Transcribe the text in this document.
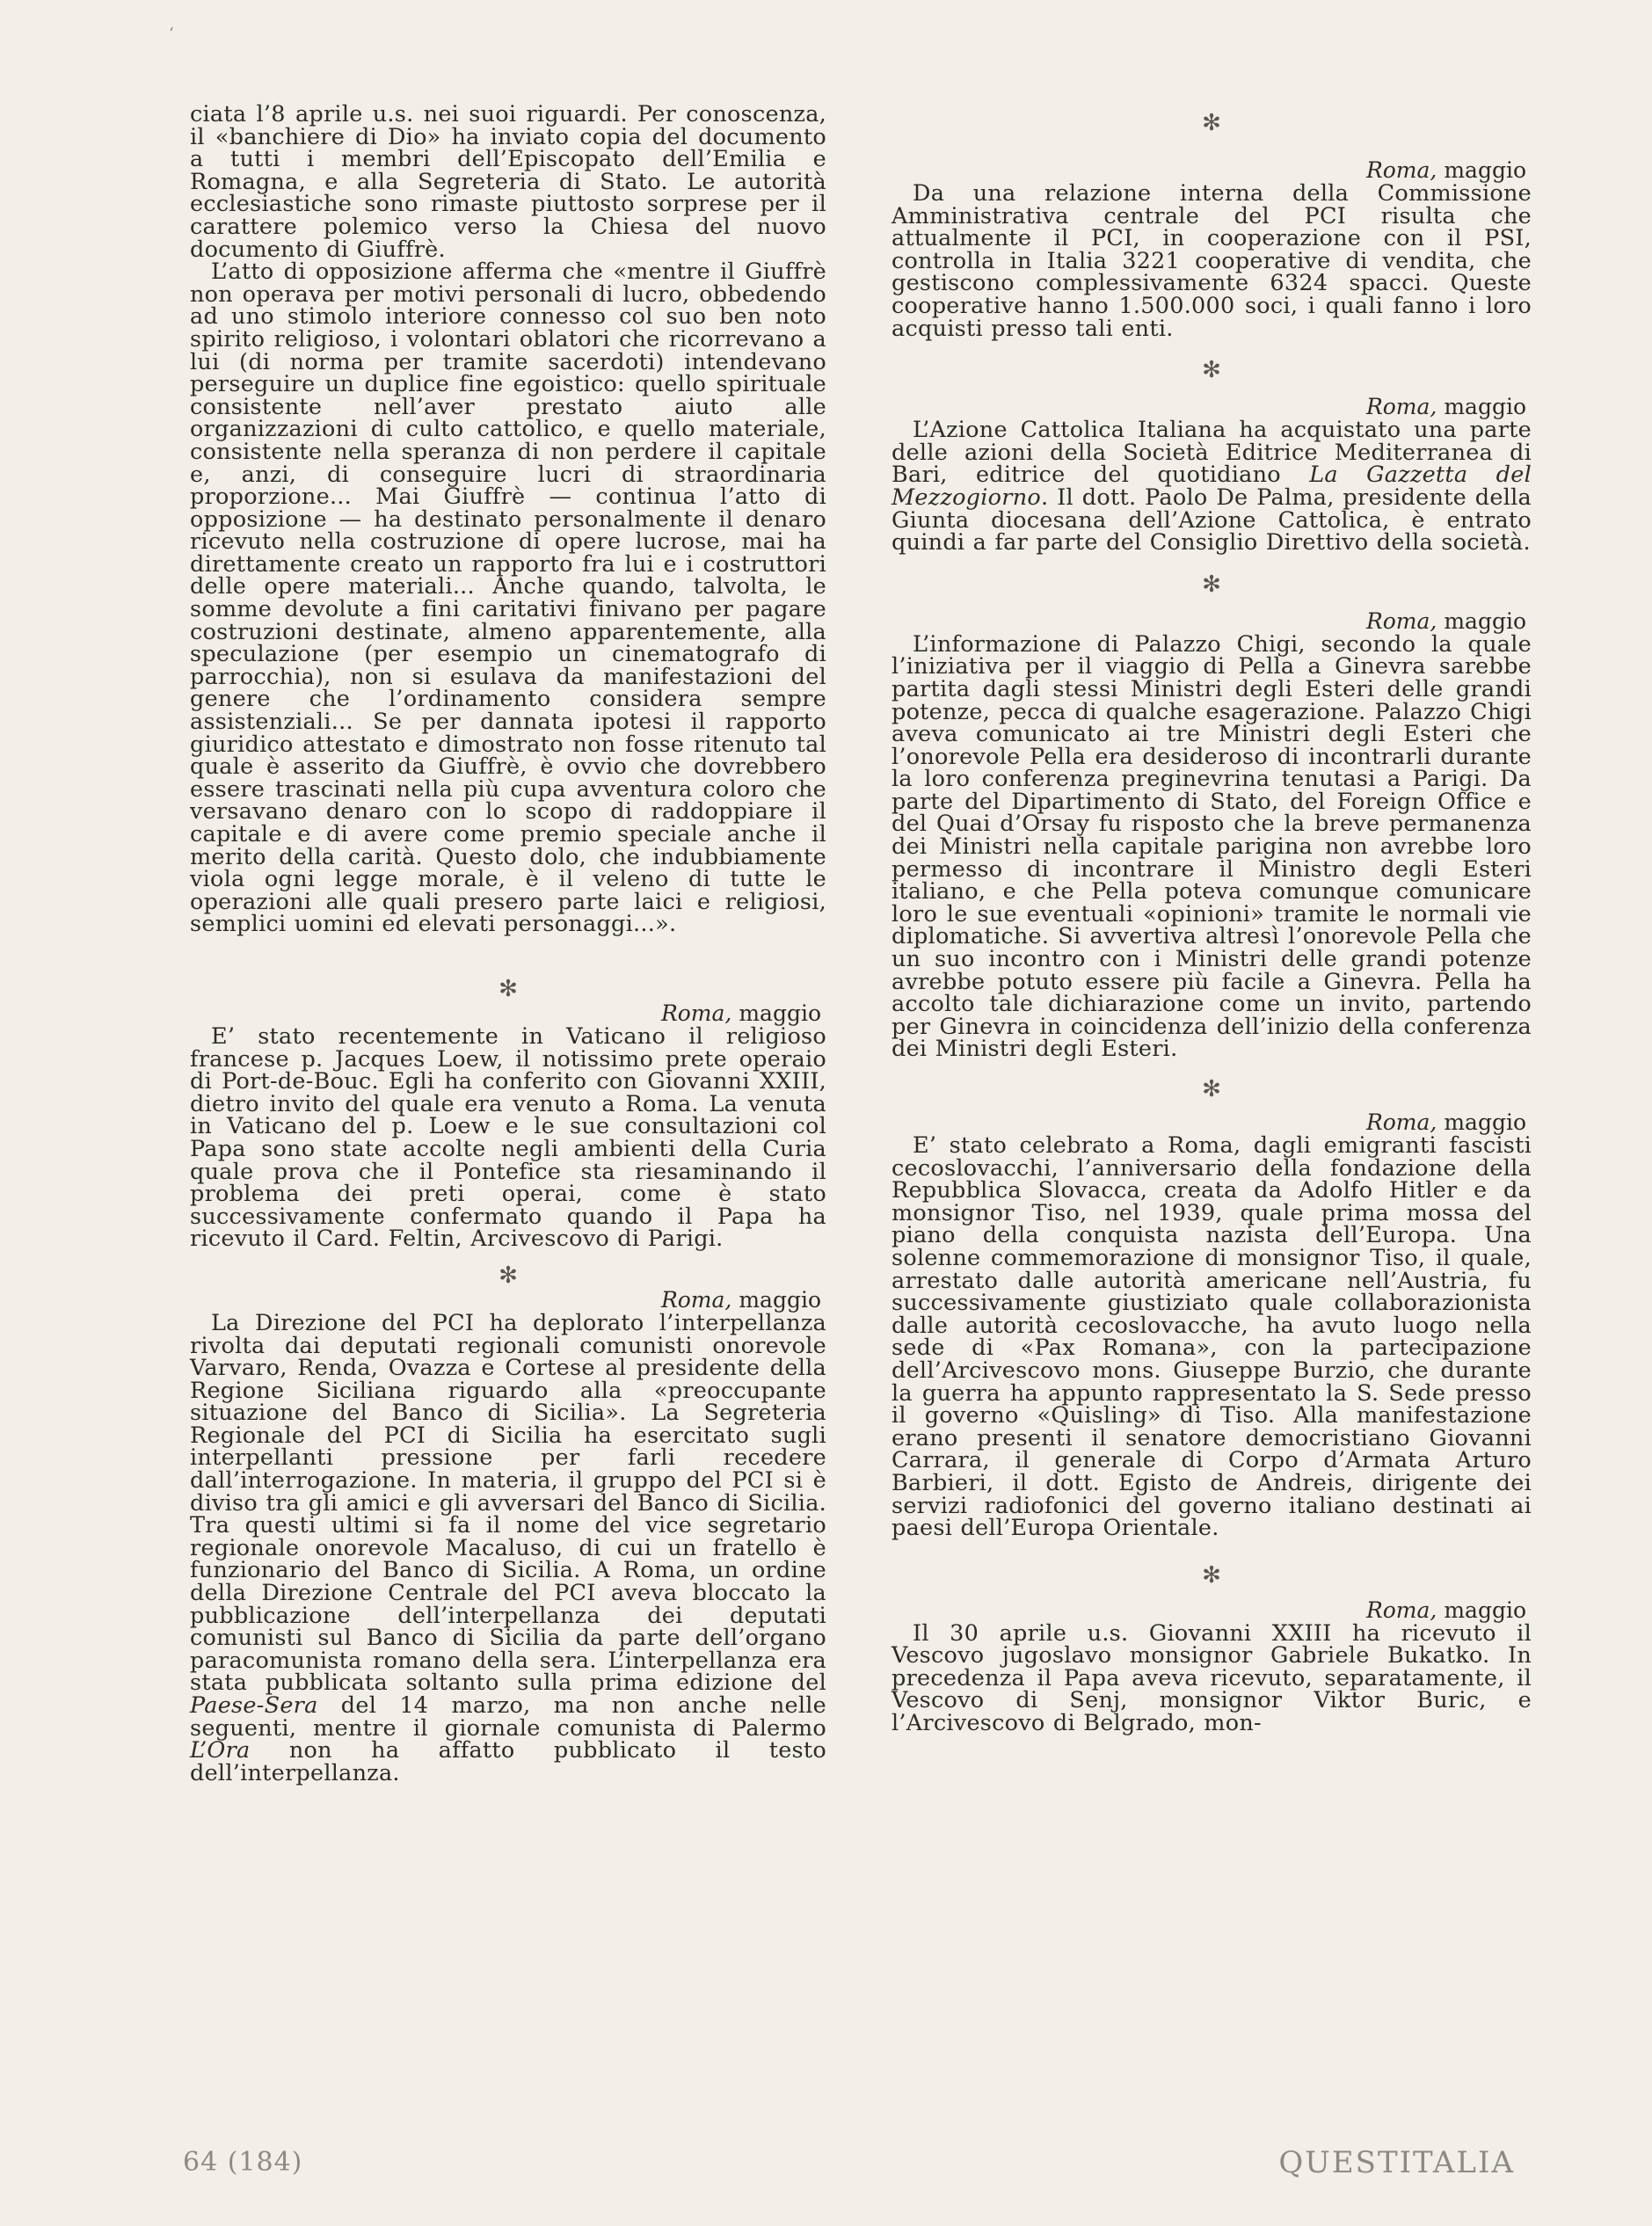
‘

ciata l’8 aprile u.s. nei suoi riguardi. Per conoscenza, il «banchiere di Dio» ha inviato copia del documento a tutti i membri dell’Episcopato dell’Emilia e Romagna, e alla Segreteria di Stato. Le autorità ecclesiastiche sono rimaste piuttosto sorprese per il carattere polemico verso la Chiesa del nuovo documento di Giuffrè.

L’atto di opposizione afferma che «mentre il Giuffrè non operava per motivi personali di lucro, obbedendo ad uno stimolo interiore connesso col suo ben noto spirito religioso, i volontari oblatori che ricorrevano a lui (di norma per tramite sacerdoti) intendevano perseguire un duplice fine egoistico: quello spirituale consistente nell’aver prestato aiuto alle organizzazioni di culto cattolico, e quello materiale, consistente nella speranza di non perdere il capitale e, anzi, di conseguire lucri di straordinaria proporzione... Mai Giuffrè — continua l’atto di opposizione — ha destinato personalmente il denaro ricevuto nella costruzione di opere lucrose, mai ha direttamente creato un rapporto fra lui e i costruttori delle opere materiali... Anche quando, talvolta, le somme devolute a fini caritativi finivano per pagare costruzioni destinate, almeno apparentemente, alla speculazione (per esempio un cinematografo di parrocchia), non si esulava da manifestazioni del genere che l’ordinamento considera sempre assistenziali... Se per dannata ipotesi il rapporto giuridico attestato e dimostrato non fosse ritenuto tal quale è asserito da Giuffrè, è ovvio che dovrebbero essere trascinati nella più cupa avventura coloro che versavano denaro con lo scopo di raddoppiare il capitale e di avere come premio speciale anche il merito della carità. Questo dolo, che indubbiamente viola ogni legge morale, è il veleno di tutte le operazioni alle quali presero parte laici e religiosi, semplici uomini ed elevati personaggi...».

✻
Roma, maggio

E’ stato recentemente in Vaticano il religioso francese p. Jacques Loew, il notissimo prete operaio di Port-de-Bouc. Egli ha conferito con Giovanni XXIII, dietro invito del quale era venuto a Roma. La venuta in Vaticano del p. Loew e le sue consultazioni col Papa sono state accolte negli ambienti della Curia quale prova che il Pontefice sta riesaminando il problema dei preti operai, come è stato successivamente confermato quando il Papa ha ricevuto il Card. Feltin, Arcivescovo di Parigi.

✻
Roma, maggio

La Direzione del PCI ha deplorato l’interpellanza rivolta dai deputati regionali comunisti onorevole Varvaro, Renda, Ovazza e Cortese al presidente della Regione Siciliana riguardo alla «preoccupante situazione del Banco di Sicilia». La Segreteria Regionale del PCI di Sicilia ha esercitato sugli interpellanti pressione per farli recedere dall’interrogazione. In materia, il gruppo del PCI si è diviso tra gli amici e gli avversari del Banco di Sicilia. Tra questi ultimi si fa il nome del vice segretario regionale onorevole Macaluso, di cui un fratello è funzionario del Banco di Sicilia. A Roma, un ordine della Direzione Centrale del PCI aveva bloccato la pubblicazione dell’interpellanza dei deputati comunisti sul Banco di Sicilia da parte dell’organo paracomunista romano della sera. L’interpellanza era stata pubblicata soltanto sulla prima edizione del Paese-Sera del 14 marzo, ma non anche nelle seguenti, mentre il giornale comunista di Palermo L’Ora non ha affatto pubblicato il testo dell’interpellanza.

✻
Roma, maggio

Da una relazione interna della Commissione Amministrativa centrale del PCI risulta che attualmente il PCI, in cooperazione con il PSI, controlla in Italia 3221 cooperative di vendita, che gestiscono complessivamente 6324 spacci. Queste cooperative hanno 1.500.000 soci, i quali fanno i loro acquisti presso tali enti.

✻
Roma, maggio

L’Azione Cattolica Italiana ha acquistato una parte delle azioni della Società Editrice Mediterranea di Bari, editrice del quotidiano La Gazzetta del Mezzogiorno. Il dott. Paolo De Palma, presidente della Giunta diocesana dell’Azione Cattolica, è entrato quindi a far parte del Consiglio Direttivo della società.

✻
Roma, maggio

L’informazione di Palazzo Chigi, secondo la quale l’iniziativa per il viaggio di Pella a Ginevra sarebbe partita dagli stessi Ministri degli Esteri delle grandi potenze, pecca di qualche esagerazione. Palazzo Chigi aveva comunicato ai tre Ministri degli Esteri che l’onorevole Pella era desideroso di incontrarli durante la loro conferenza preginevrina tenutasi a Parigi. Da parte del Dipartimento di Stato, del Foreign Office e del Quai d’Orsay fu risposto che la breve permanenza dei Ministri nella capitale parigina non avrebbe loro permesso di incontrare il Ministro degli Esteri italiano, e che Pella poteva comunque comunicare loro le sue eventuali «opinioni» tramite le normali vie diplomatiche. Si avvertiva altresì l’onorevole Pella che un suo incontro con i Ministri delle grandi potenze avrebbe potuto essere più facile a Ginevra. Pella ha accolto tale dichiarazione come un invito, partendo per Ginevra in coincidenza dell’inizio della conferenza dei Ministri degli Esteri.

✻
Roma, maggio

E’ stato celebrato a Roma, dagli emigranti fascisti cecoslovacchi, l’anniversario della fondazione della Repubblica Slovacca, creata da Adolfo Hitler e da monsignor Tiso, nel 1939, quale prima mossa del piano della conquista nazista dell’Europa. Una solenne commemorazione di monsignor Tiso, il quale, arrestato dalle autorità americane nell’Austria, fu successivamente giustiziato quale collaborazionista dalle autorità cecoslovacche, ha avuto luogo nella sede di «Pax Romana», con la partecipazione dell’Arcivescovo mons. Giuseppe Burzio, che durante la guerra ha appunto rappresentato la S. Sede presso il governo «Quisling» di Tiso. Alla manifestazione erano presenti il senatore democristiano Giovanni Carrara, il generale di Corpo d’Armata Arturo Barbieri, il dott. Egisto de Andreis, dirigente dei servizi radiofonici del governo italiano destinati ai paesi dell’Europa Orientale.

✻
Roma, maggio

Il 30 aprile u.s. Giovanni XXIII ha ricevuto il Vescovo jugoslavo monsignor Gabriele Bukatko. In precedenza il Papa aveva ricevuto, separatamente, il Vescovo di Senj, monsignor Viktor Buric, e l’Arcivescovo di Belgrado, mon-

64 (184)	QUESTITALIA
